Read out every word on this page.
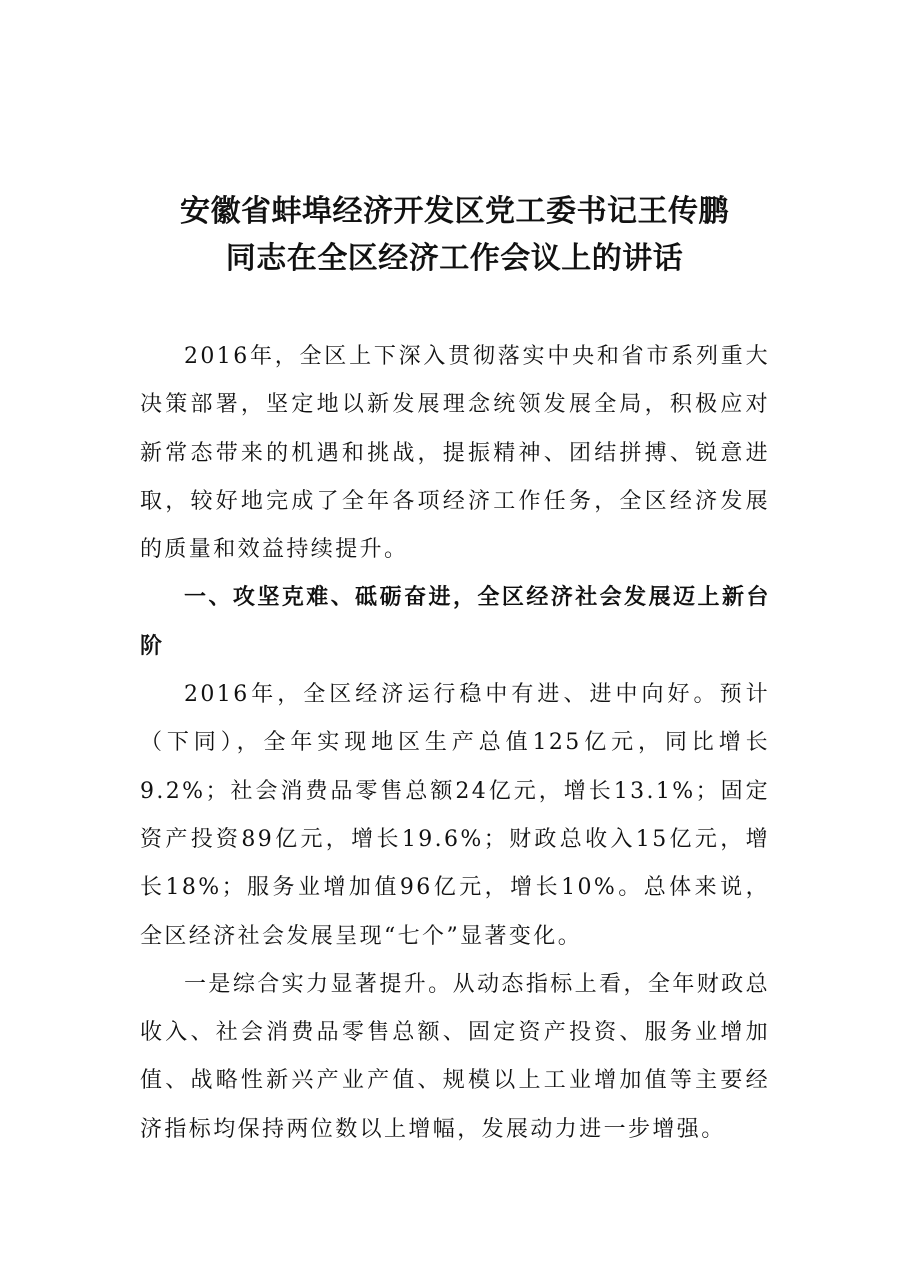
安徽省蚌埠经济开发区党工委书记王传鹏
同志在全区经济工作会议上的讲话

2016年，全区上下深入贯彻落实中央和省市系列重大决策部署，坚定地以新发展理念统领发展全局，积极应对新常态带来的机遇和挑战，提振精神、团结拼搏、锐意进取，较好地完成了全年各项经济工作任务，全区经济发展的质量和效益持续提升。

一、攻坚克难、砥砺奋进，全区经济社会发展迈上新台阶

2016年，全区经济运行稳中有进、进中向好。预计（下同），全年实现地区生产总值125亿元，同比增长9.2%；社会消费品零售总额24亿元，增长13.1%；固定资产投资89亿元，增长19.6%；财政总收入15亿元，增长18%；服务业增加值96亿元，增长10%。总体来说，全区经济社会发展呈现“七个”显著变化。

一是综合实力显著提升。从动态指标上看，全年财政总收入、社会消费品零售总额、固定资产投资、服务业增加值、战略性新兴产业产值、规模以上工业增加值等主要经济指标均保持两位数以上增幅，发展动力进一步增强。
